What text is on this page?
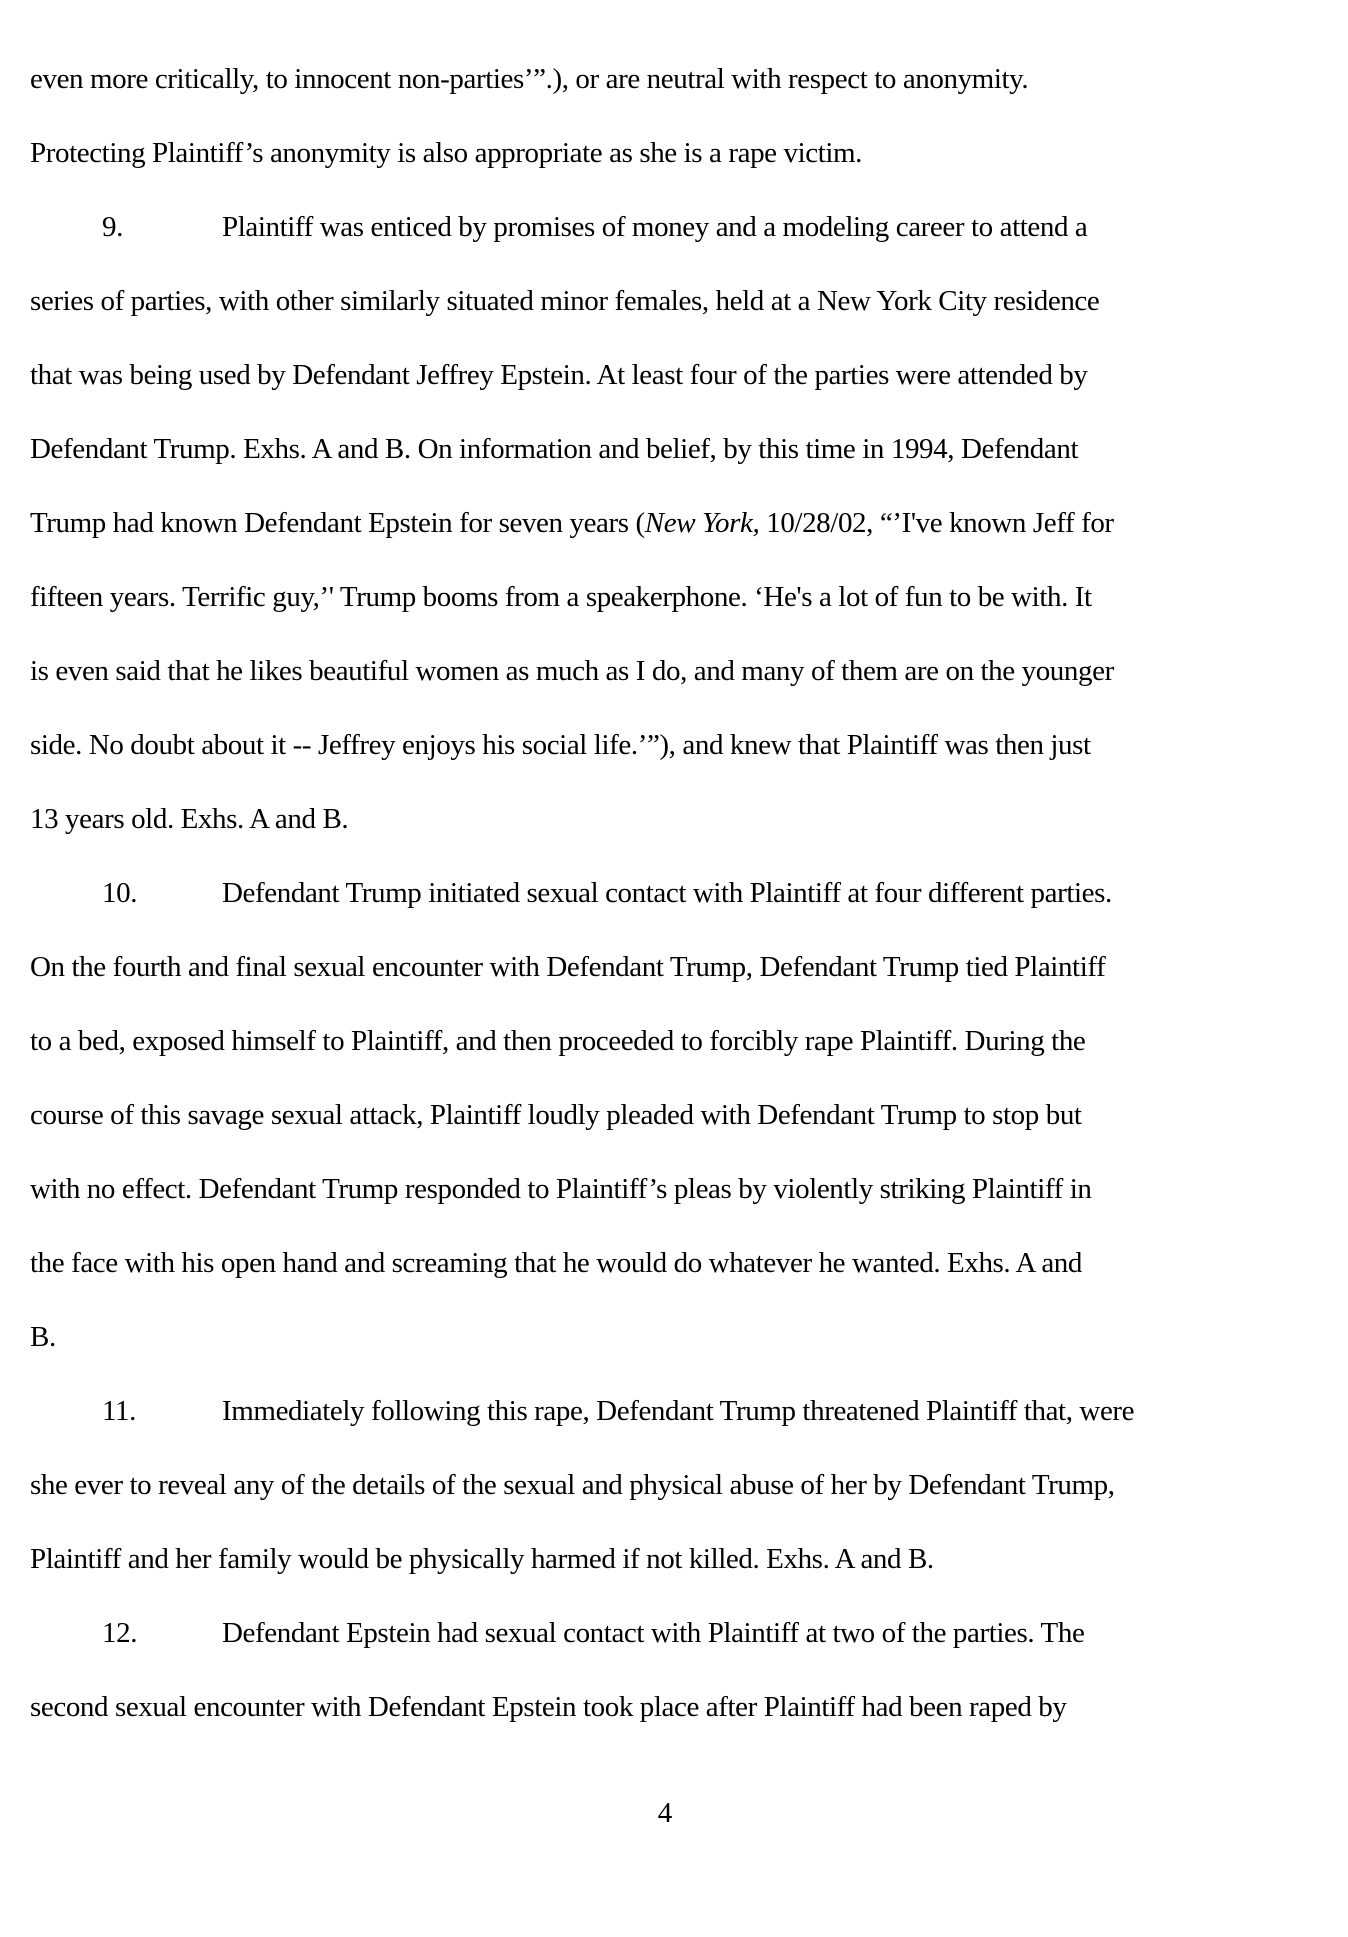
even more critically, to innocent non-parties’”.), or are neutral with respect to anonymity.
Protecting Plaintiff’s anonymity is also appropriate as she is a rape victim.
9.	Plaintiff was enticed by promises of money and a modeling career to attend a
series of parties, with other similarly situated minor females, held at a New York City residence
that was being used by Defendant Jeffrey Epstein. At least four of the parties were attended by
Defendant Trump. Exhs. A and B. On information and belief, by this time in 1994, Defendant
Trump had known Defendant Epstein for seven years (New York, 10/28/02, “’I've known Jeff for
fifteen years. Terrific guy,’' Trump booms from a speakerphone. ‘He's a lot of fun to be with. It
is even said that he likes beautiful women as much as I do, and many of them are on the younger
side. No doubt about it -- Jeffrey enjoys his social life.’”), and knew that Plaintiff was then just
13 years old. Exhs. A and B.
10.	Defendant Trump initiated sexual contact with Plaintiff at four different parties.
On the fourth and final sexual encounter with Defendant Trump, Defendant Trump tied Plaintiff
to a bed, exposed himself to Plaintiff, and then proceeded to forcibly rape Plaintiff. During the
course of this savage sexual attack, Plaintiff loudly pleaded with Defendant Trump to stop but
with no effect. Defendant Trump responded to Plaintiff’s pleas by violently striking Plaintiff in
the face with his open hand and screaming that he would do whatever he wanted. Exhs. A and
B.
11.	Immediately following this rape, Defendant Trump threatened Plaintiff that, were
she ever to reveal any of the details of the sexual and physical abuse of her by Defendant Trump,
Plaintiff and her family would be physically harmed if not killed. Exhs. A and B.
12.	Defendant Epstein had sexual contact with Plaintiff at two of the parties. The
second sexual encounter with Defendant Epstein took place after Plaintiff had been raped by
4
